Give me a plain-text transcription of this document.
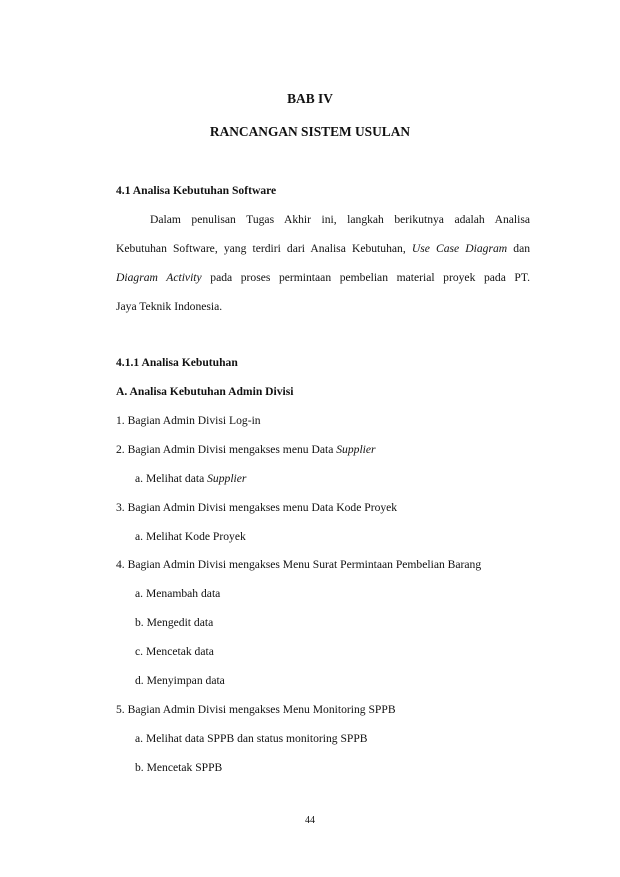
BAB IV
RANCANGAN SISTEM USULAN
4.1 Analisa Kebutuhan Software
Dalam penulisan Tugas Akhir ini, langkah berikutnya adalah Analisa
Kebutuhan Software, yang terdiri dari Analisa Kebutuhan, Use Case Diagram dan
Diagram Activity pada proses permintaan pembelian material proyek pada PT.
Jaya Teknik Indonesia.
4.1.1 Analisa Kebutuhan
A. Analisa Kebutuhan Admin Divisi
1. Bagian Admin Divisi Log-in
2. Bagian Admin Divisi mengakses menu Data Supplier
a. Melihat data Supplier
3. Bagian Admin Divisi mengakses menu Data Kode Proyek
a. Melihat Kode Proyek
4. Bagian Admin Divisi mengakses Menu Surat Permintaan Pembelian Barang
a. Menambah data
b. Mengedit data
c. Mencetak data
d. Menyimpan data
5. Bagian Admin Divisi mengakses Menu Monitoring SPPB
a. Melihat data SPPB dan status monitoring SPPB
b. Mencetak SPPB
44
